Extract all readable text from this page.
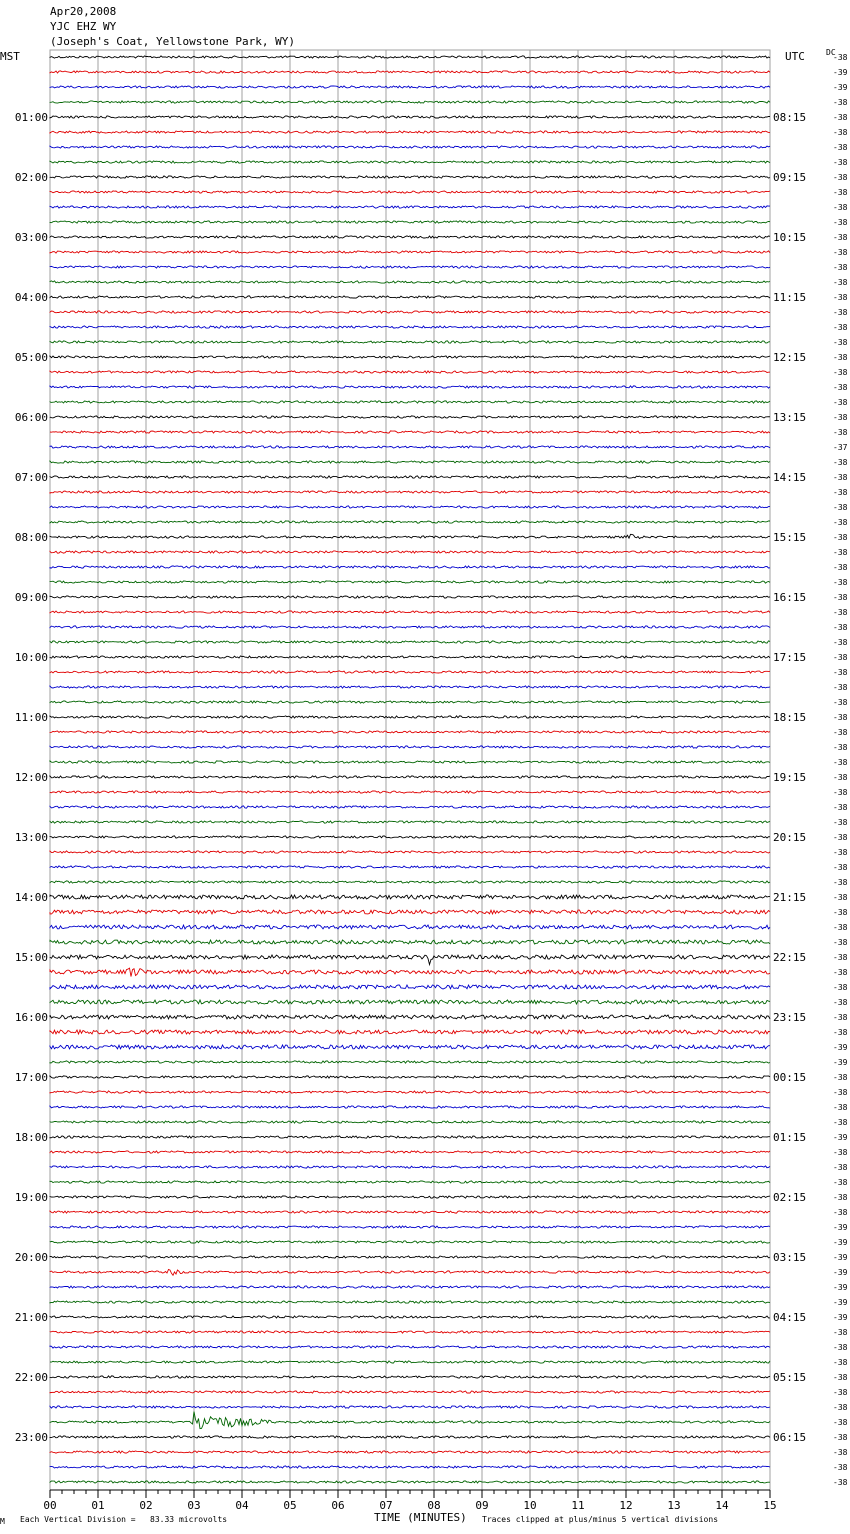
Apr20,2008
YJC EHZ WY
(Joseph's Coat, Yellowstone Park, WY)
MST	UTC	DC
-38
-39
-39
-38
-38
-38
-38
-38
-38
-38
-38
-38
-38
-38
-38
-38
-38
-38
-38
-38
-38
-38
-38
-38
-38
-38
-37
-38
-38
-38
-38
-38
-38
-38
-38
-38
-38
-38
-38
-38
-38
-38
-38
-38
-38
-38
-38
-38
-38
-38
-38
-38
-38
-38
-38
-38
-38
-38
-38
-38
-38
-38
-38
-38
-38
-38
-39
-39
-38
-38
-38
-38
-39
-38
-38
-38
-38
-38
-39
-39
-39
-39
-39
-39
-39
-38
-38
-38
-38
-38
-38
-38
-38
-38
-38
-38
01:00	08:15
02:00	09:15
03:00	10:15
04:00	11:15
05:00	12:15
06:00	13:15
07:00	14:15
08:00	15:15
09:00	16:15
10:00	17:15
11:00	18:15
12:00	19:15
13:00	20:15
14:00	21:15
15:00	22:15
16:00	23:15
17:00	00:15
18:00	01:15
19:00	02:15
20:00	03:15
21:00	04:15
22:00	05:15
23:00	06:15
00	01	02	03	04	05	06	07	08	09	10	11	12	13	14	15
M Each Vertical Division =   83.33 microvolts	TIME (MINUTES) Traces clipped at plus/minus 5 vertical divisions
